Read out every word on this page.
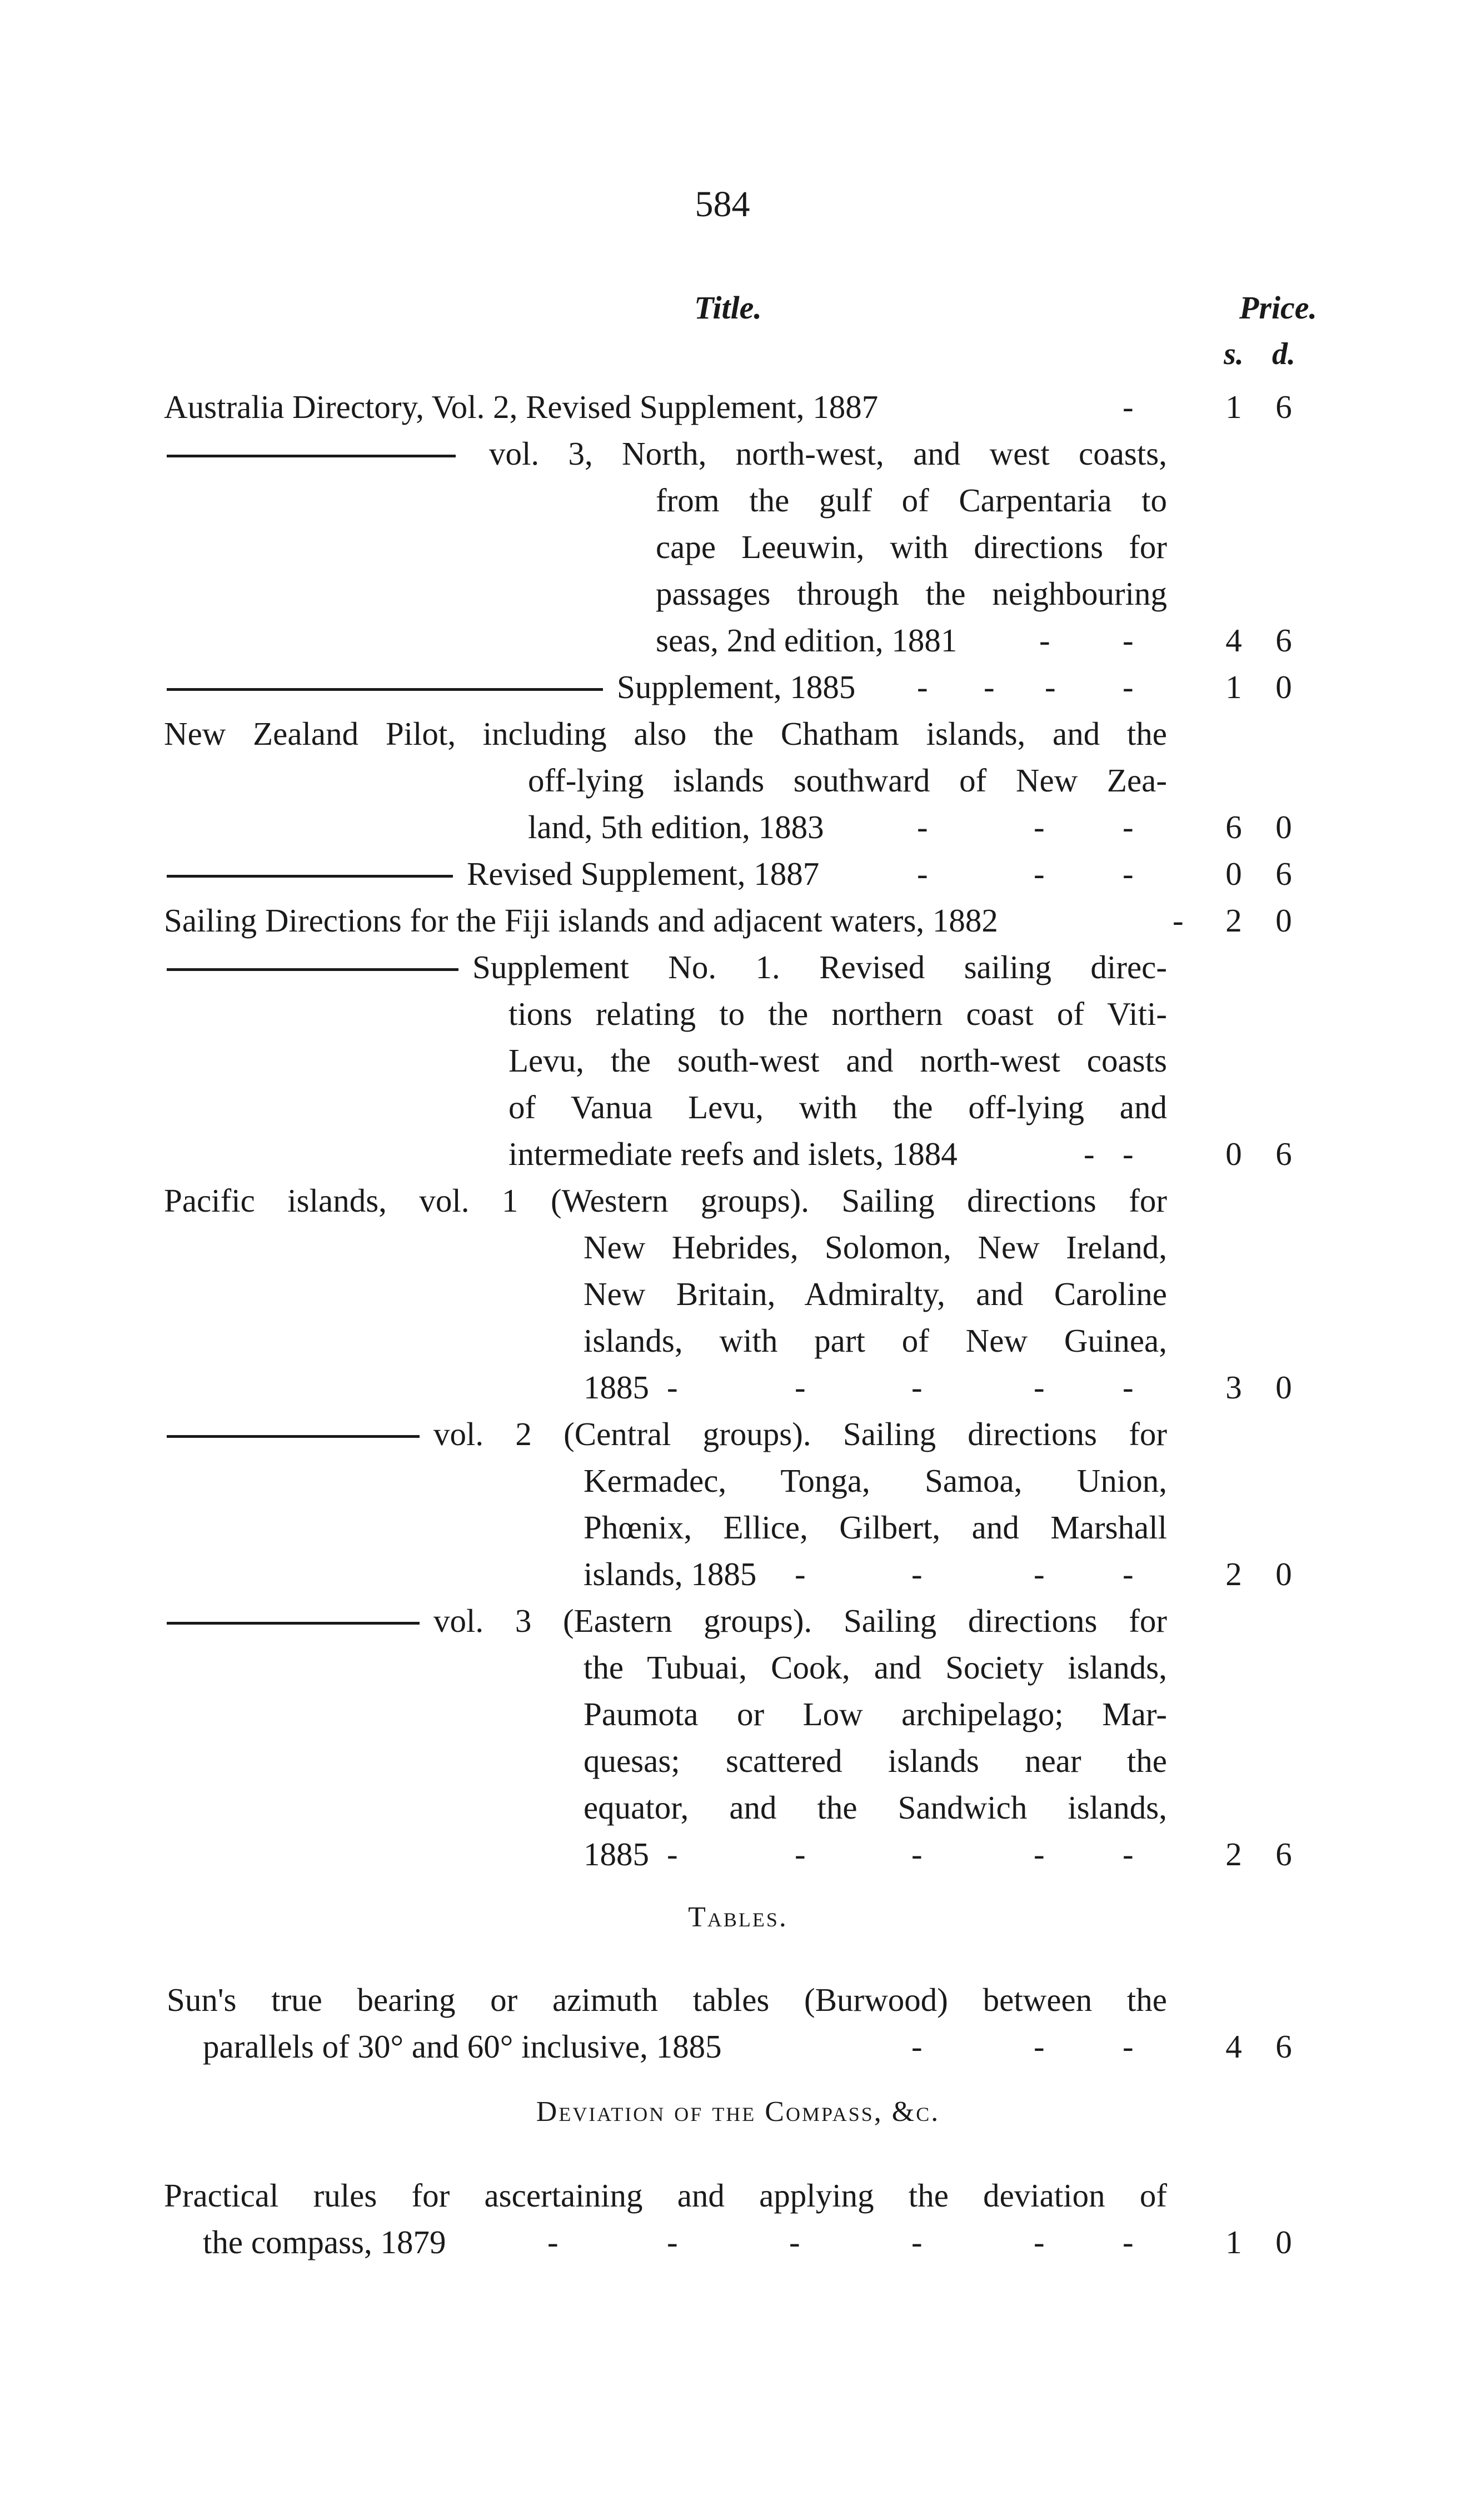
584
Title.	Price.
s. d.
Tables.
Deviation of the Compass, &c.
Australia Directory, Vol. 2, Revised Supplement, 1887	-	1 6
vol. 3, North, north-west, and west coasts,
from the gulf of Carpentaria to
cape Leeuwin, with directions for
passages through the neighbouring
seas, 2nd edition, 1881	- -	4 6
Supplement, 1885 - - - -	1 0
New Zealand Pilot, including also the Chatham islands, and the
off-lying islands southward of New Zea-
land, 5th edition, 1883	-	- -	6 0
Revised Supplement, 1887	-	- -	0 6
Sailing Directions for the Fiji islands and adjacent waters, 1882	- 2 0
Supplement No. 1. Revised sailing direc-
tions relating to the northern coast of Viti-
Levu, the south-west and north-west coasts
of Vanua Levu, with the off-lying and
intermediate reefs and islets, 1884	- -	0 6
Pacific islands, vol. 1 (Western groups). Sailing directions for
New Hebrides, Solomon, New Ireland,
New Britain, Admiralty, and Caroline
islands, with part of New Guinea,
1885 -	-	-	- -	3 0
vol. 2 (Central groups). Sailing directions for
Kermadec, Tonga, Samoa, Union,
Phœnix, Ellice, Gilbert, and Marshall
islands, 1885 -	-	- -	2 0
vol. 3 (Eastern groups). Sailing directions for
the Tubuai, Cook, and Society islands,
Paumota or Low archipelago; Mar-
quesas; scattered islands near the
equator, and the Sandwich islands,
1885 -	-	-	- -	2 6
Sun's true bearing or azimuth tables (Burwood) between the
parallels of 30° and 60° inclusive, 1885	-	- -	4 6
Practical rules for ascertaining and applying the deviation of
the compass, 1879	-	-	-	-	- -	1 0
